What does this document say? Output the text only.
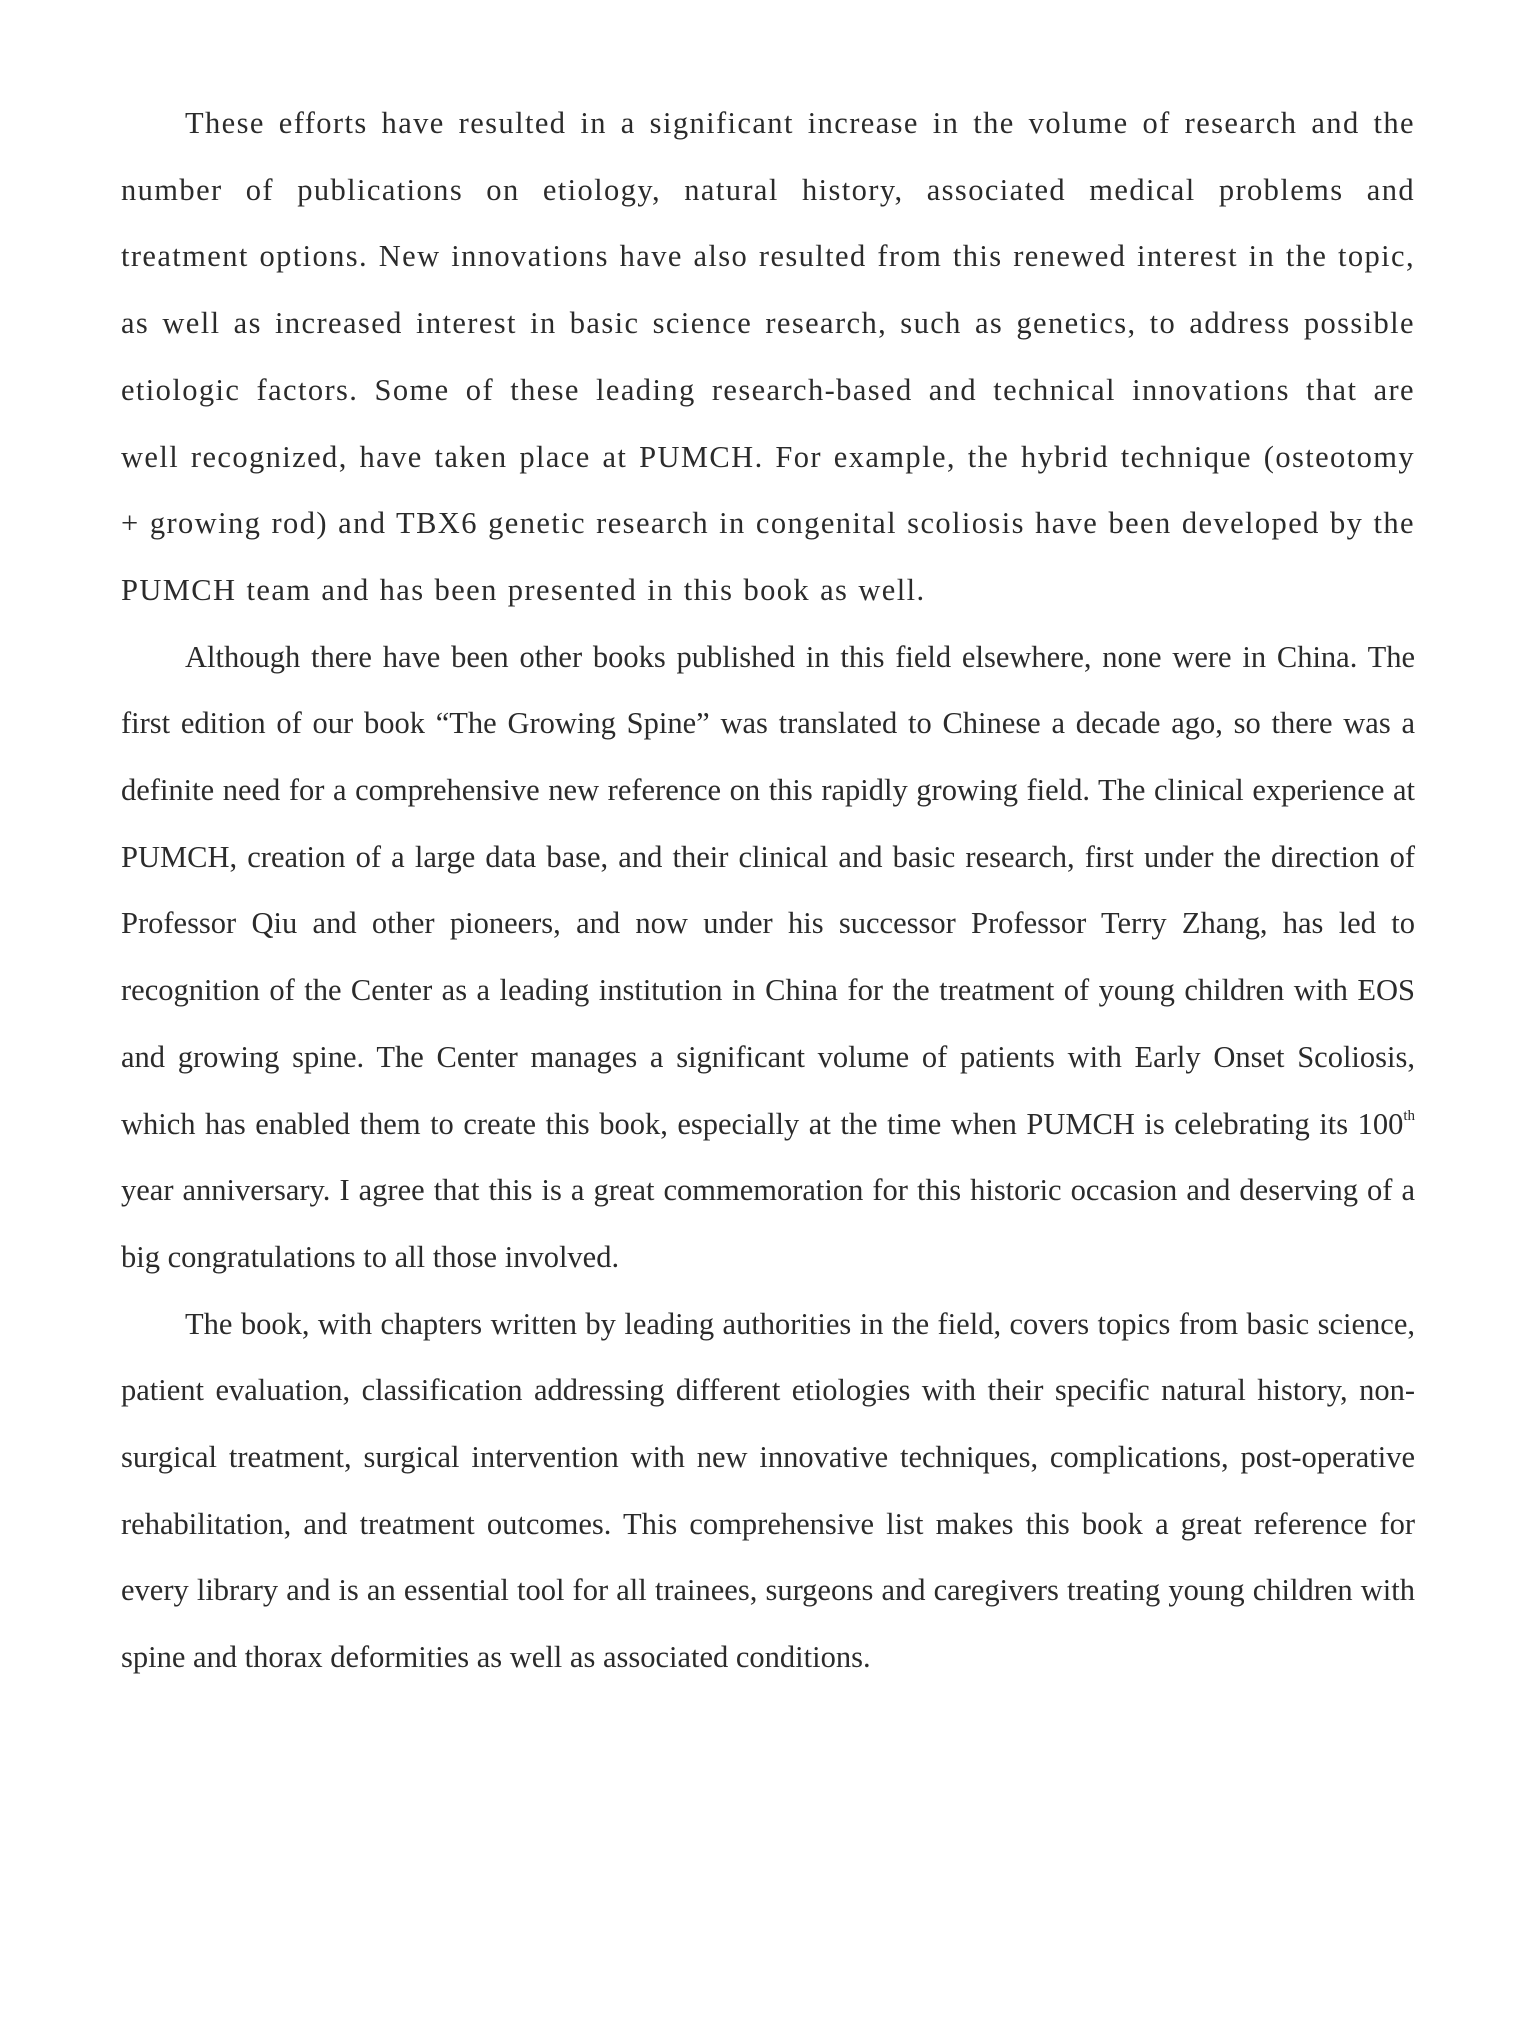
These efforts have resulted in a significant increase in the volume of research and the number of publications on etiology, natural history, associated medical problems and treatment options. New innovations have also resulted from this renewed interest in the topic, as well as increased interest in basic science research, such as genetics, to address possible etiologic factors. Some of these leading research-based and technical innovations that are well recognized, have taken place at PUMCH. For example, the hybrid technique (osteotomy + growing rod) and TBX6 genetic research in congenital scoliosis have been developed by the PUMCH team and has been presented in this book as well.

Although there have been other books published in this field elsewhere, none were in China. The first edition of our book “The Growing Spine” was translated to Chinese a decade ago, so there was a definite need for a comprehensive new reference on this rapidly growing field. The clinical experience at PUMCH, creation of a large data base, and their clinical and basic research, first under the direction of Professor Qiu and other pioneers, and now under his successor Professor Terry Zhang, has led to recognition of the Center as a leading institution in China for the treatment of young children with EOS and growing spine. The Center manages a significant volume of patients with Early Onset Scoliosis, which has enabled them to create this book, especially at the time when PUMCH is celebrating its 100th year anniversary. I agree that this is a great commemoration for this historic occasion and deserving of a big congratulations to all those involved.

The book, with chapters written by leading authorities in the field, covers topics from basic science, patient evaluation, classification addressing different etiologies with their specific natural history, non-surgical treatment, surgical intervention with new innovative techniques, complications, post-operative rehabilitation, and treatment outcomes. This comprehensive list makes this book a great reference for every library and is an essential tool for all trainees, surgeons and caregivers treating young children with spine and thorax deformities as well as associated conditions.
